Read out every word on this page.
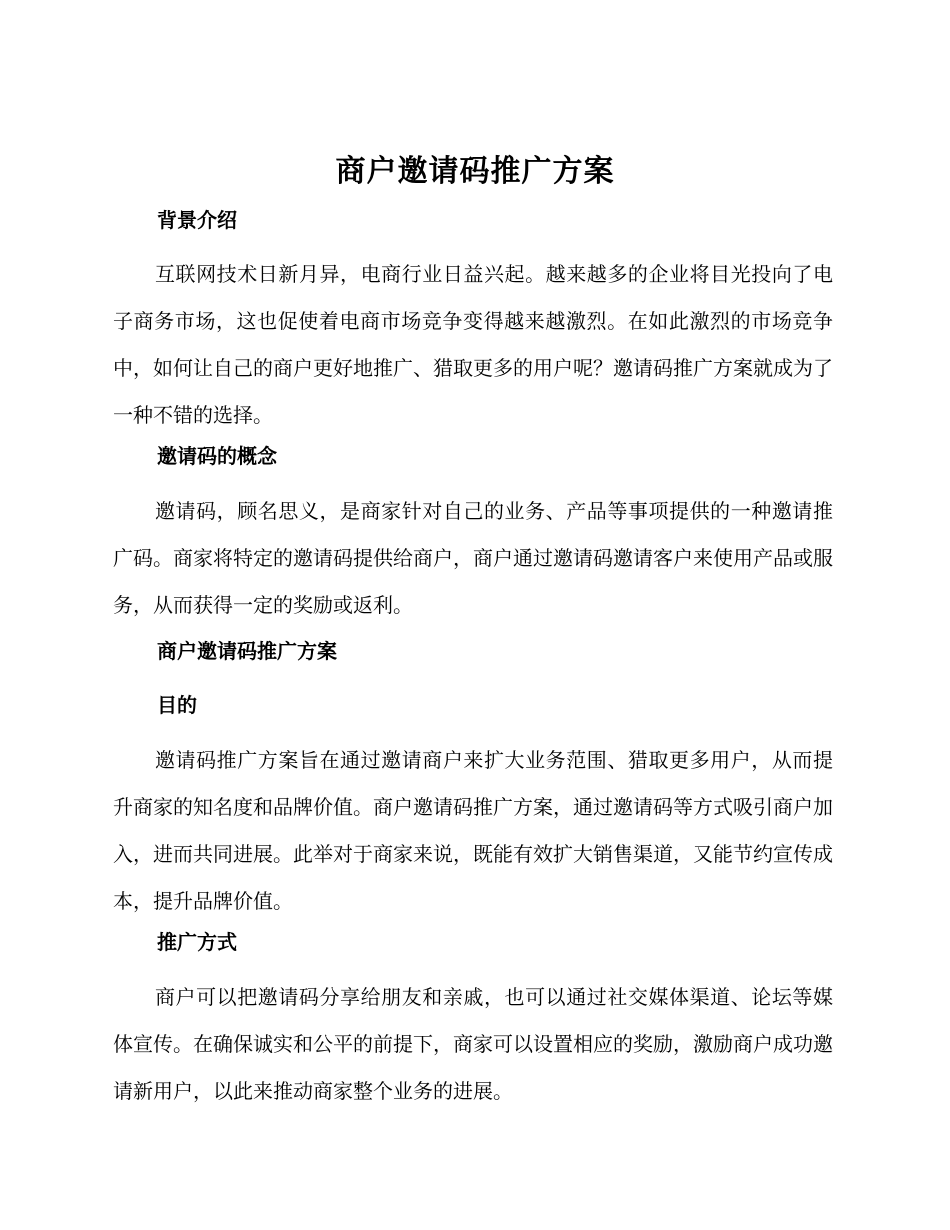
商户邀请码推广方案
背景介绍
互联网技术日新月异，电商行业日益兴起。越来越多的企业将目光投向了电子商务市场，这也促使着电商市场竞争变得越来越激烈。在如此激烈的市场竞争中，如何让自己的商户更好地推广、猎取更多的用户呢？邀请码推广方案就成为了一种不错的选择。
邀请码的概念
邀请码，顾名思义，是商家针对自己的业务、产品等事项提供的一种邀请推广码。商家将特定的邀请码提供给商户，商户通过邀请码邀请客户来使用产品或服务，从而获得一定的奖励或返利。
商户邀请码推广方案
目的
邀请码推广方案旨在通过邀请商户来扩大业务范围、猎取更多用户，从而提升商家的知名度和品牌价值。商户邀请码推广方案，通过邀请码等方式吸引商户加入，进而共同进展。此举对于商家来说，既能有效扩大销售渠道，又能节约宣传成本，提升品牌价值。
推广方式
商户可以把邀请码分享给朋友和亲戚，也可以通过社交媒体渠道、论坛等媒体宣传。在确保诚实和公平的前提下，商家可以设置相应的奖励，激励商户成功邀请新用户，以此来推动商家整个业务的进展。
